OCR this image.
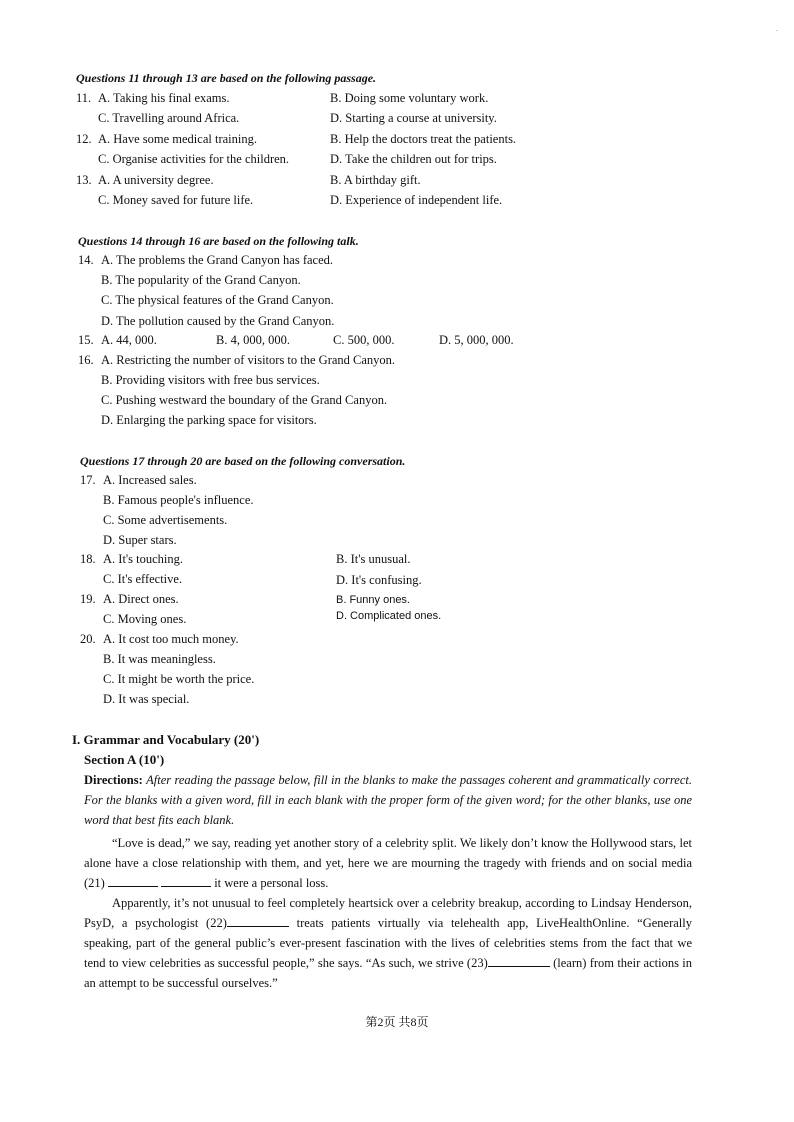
.
Questions 11 through 13 are based on the following passage.
11. A. Taking his final exams.	B. Doing some voluntary work.
C. Travelling around Africa.	D. Starting a course at university.
12. A. Have some medical training.	B. Help the doctors treat the patients.
C. Organise activities for the children.	D. Take the children out for trips.
13. A. A university degree.	B. A birthday gift.
C. Money saved for future life.	D. Experience of independent life.
Questions 14 through 16 are based on the following talk.
14. A. The problems the Grand Canyon has faced.
B. The popularity of the Grand Canyon.
C. The physical features of the Grand Canyon.
D. The pollution caused by the Grand Canyon.
15. A. 44, 000.	B. 4, 000, 000.	C. 500, 000.	D. 5, 000, 000.
16. A. Restricting the number of visitors to the Grand Canyon.
B. Providing visitors with free bus services.
C. Pushing westward the boundary of the Grand Canyon.
D. Enlarging the parking space for visitors.
Questions 17 through 20 are based on the following conversation.
17. A. Increased sales.
B. Famous people's influence.
C. Some advertisements.
D. Super stars.
18. A. It's touching.	B. It's unusual.
C. It's effective.	D. It's confusing.
19. A. Direct ones.	B. Funny ones.
C. Moving ones.	D. Complicated ones.
20. A. It cost too much money.
B. It was meaningless.
C. It might be worth the price.
D. It was special.
I. Grammar and Vocabulary (20')
Section A (10')

Directions: After reading the passage below, fill in the blanks to make the passages coherent and grammatically correct. For the blanks with a given word, fill in each blank with the proper form of the given word; for the other blanks, use one word that best fits each blank.

“Love is dead,” we say, reading yet another story of a celebrity split. We likely don’t know the Hollywood stars, let alone have a close relationship with them, and yet, here we are mourning the tragedy with friends and on social media (21)	it were a personal loss.

Apparently, it’s not unusual to feel completely heartsick over a celebrity breakup, according to Lindsay Henderson, PsyD, a psychologist (22)	treats patients virtually via telehealth app, LiveHealthOnline. “Generally speaking, part of the general public’s ever-present fascination with the lives of celebrities stems from the fact that we tend to view celebrities as successful people,” she says. “As such, we strive (23)	(learn) from their actions in an attempt to be successful ourselves.”

第2页 共8页
